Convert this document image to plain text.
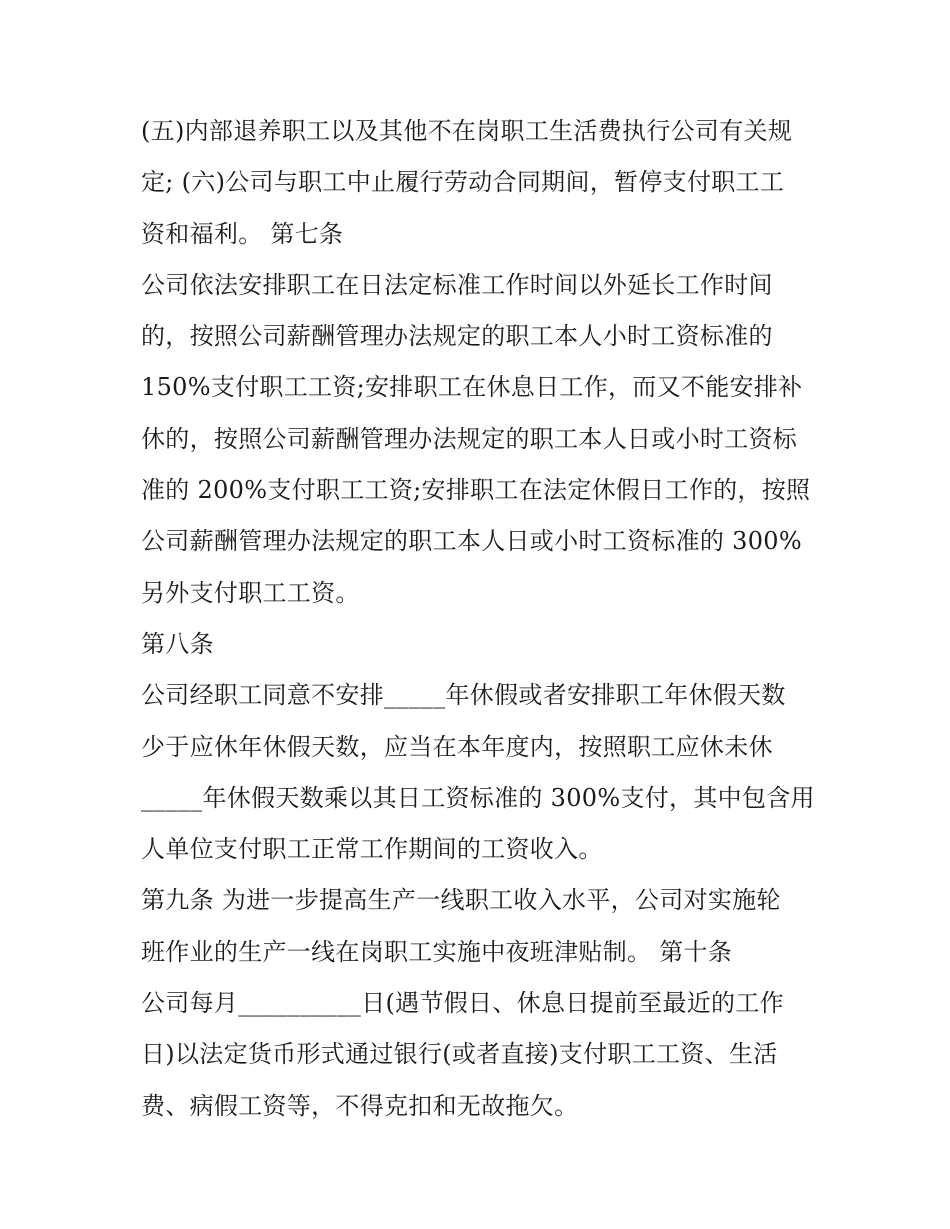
(五)内部退养职工以及其他不在岗职工生活费执行公司有关规
定; (六)公司与职工中止履行劳动合同期间，暂停支付职工工
资和福利。 第七条
公司依法安排职工在日法定标准工作时间以外延长工作时间
的，按照公司薪酬管理办法规定的职工本人小时工资标准的
150%支付职工工资;安排职工在休息日工作，而又不能安排补
休的，按照公司薪酬管理办法规定的职工本人日或小时工资标
准的 200%支付职工工资;安排职工在法定休假日工作的，按照
公司薪酬管理办法规定的职工本人日或小时工资标准的 300%
另外支付职工工资。
第八条
公司经职工同意不安排_____年休假或者安排职工年休假天数
少于应休年休假天数，应当在本年度内，按照职工应休未休
_____年休假天数乘以其日工资标准的 300%支付，其中包含用
人单位支付职工正常工作期间的工资收入。
第九条 为进一步提高生产一线职工收入水平，公司对实施轮
班作业的生产一线在岗职工实施中夜班津贴制。 第十条
公司每月__________日(遇节假日、休息日提前至最近的工作
日)以法定货币形式通过银行(或者直接)支付职工工资、生活
费、病假工资等，不得克扣和无故拖欠。
